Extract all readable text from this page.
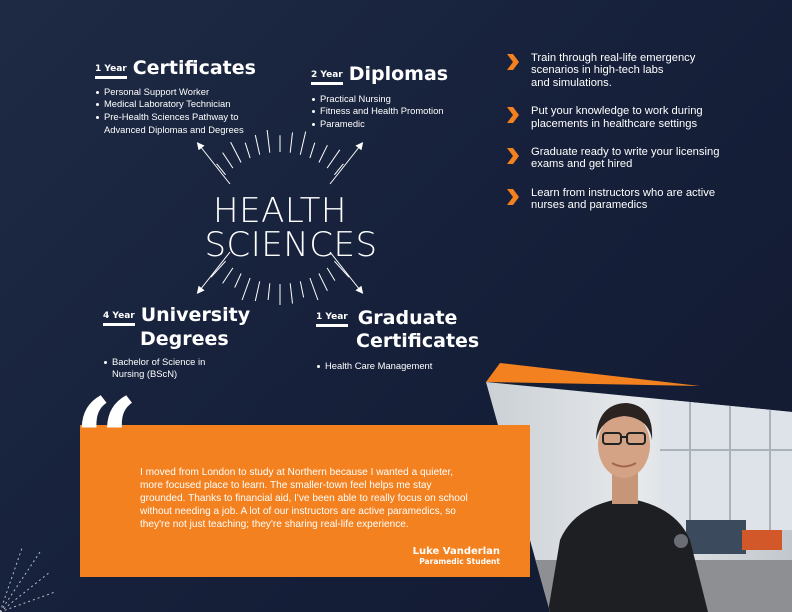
“ I moved from London to study at Northern because I wanted a quieter,
more focused place to learn. The smaller-town feel helps me stay
grounded. Thanks to financial aid, I've been able to really focus on school
without needing a job. A lot of our instructors are active paramedics, so
they're not just teaching; they're sharing real-life experience.
Luke Vanderlan
Paramedic Student
1 Year Certificates
Personal Support Worker
Medical Laboratory Technician
Pre-Health Sciences Pathway to
Advanced Diplomas and Degrees
2 Year Diplomas
Practical Nursing
Fitness and Health Promotion
Paramedic
4 Year University
Degrees
Bachelor of Science in
Nursing (BScN)
1 Year Graduate
Certificates
Health Care Management
HEALTH
SCIENCES
Train through real-life emergency
scenarios in high-tech labs
and simulations.
Put your knowledge to work during
placements in healthcare settings
Graduate ready to write your licensing
exams and get hired
Learn from instructors who are active
nurses and paramedics
